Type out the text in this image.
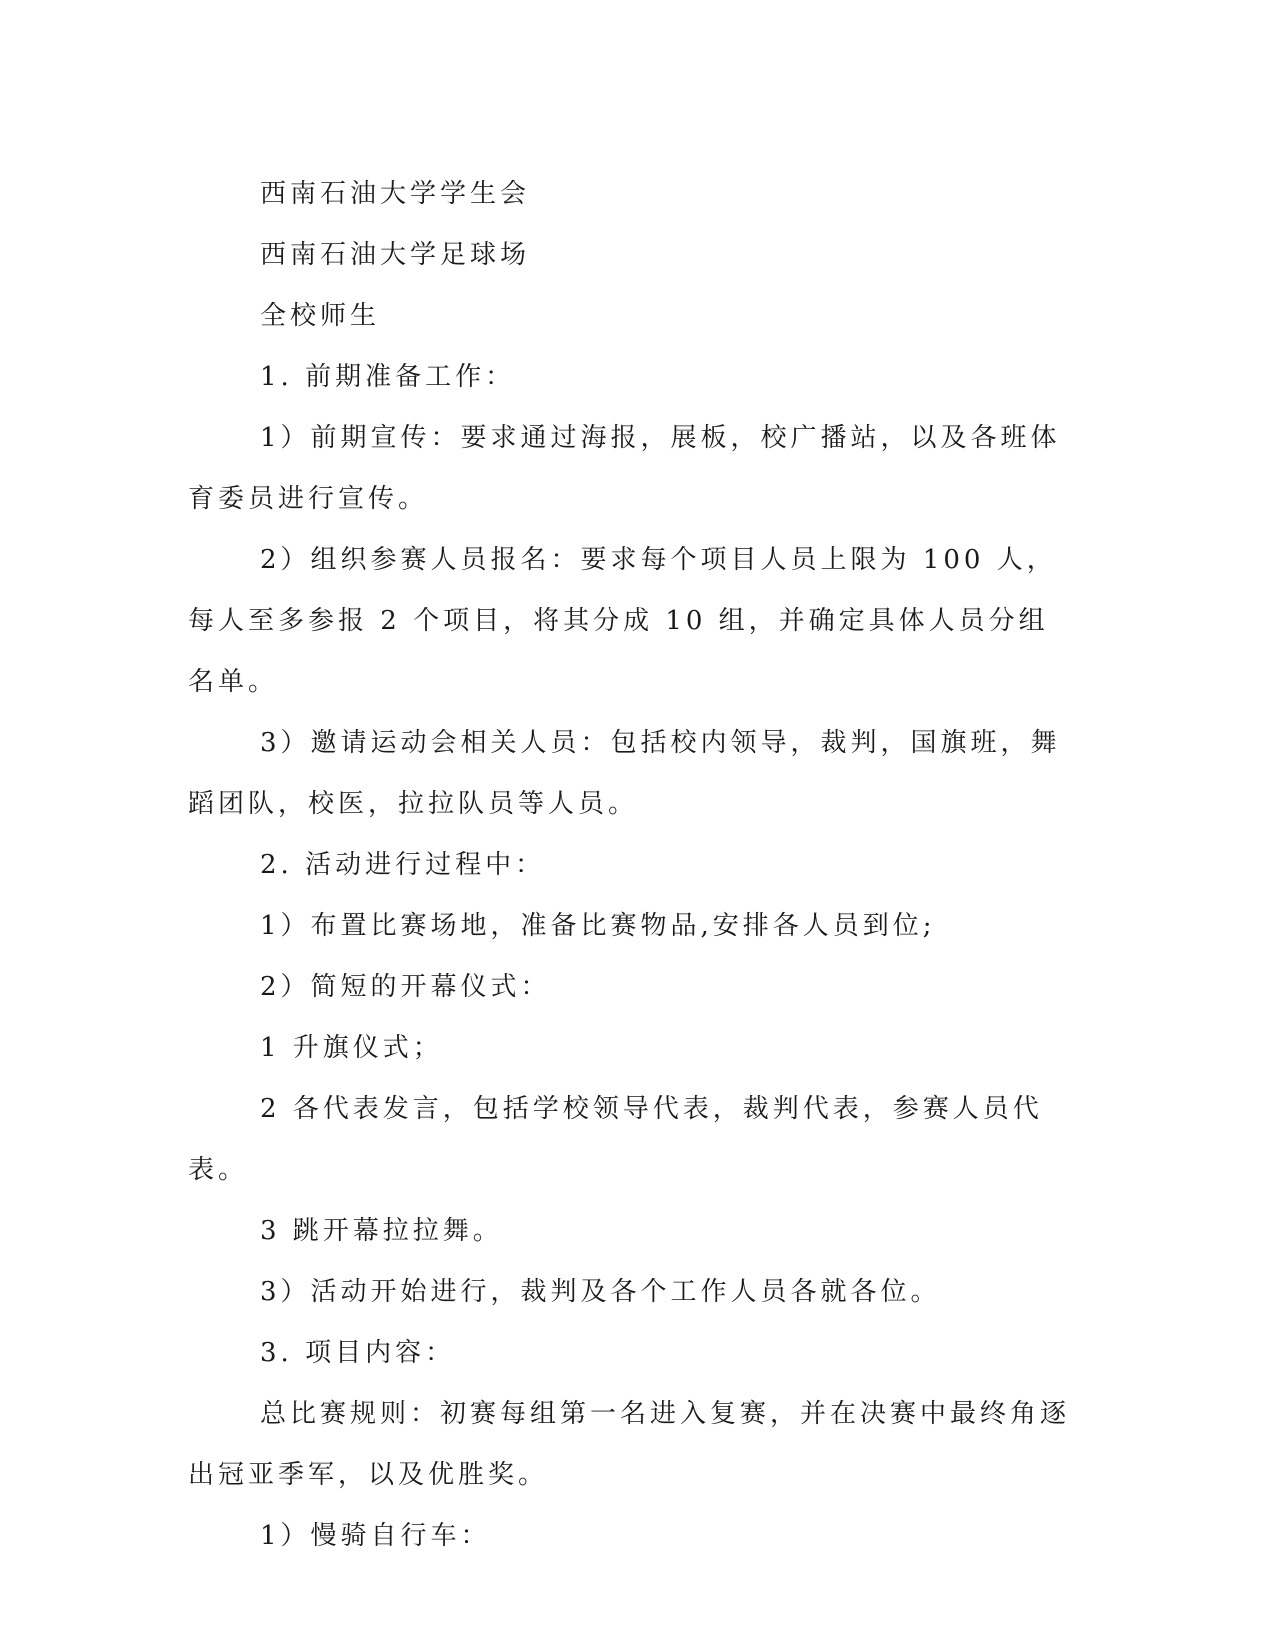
西南石油大学学生会

西南石油大学足球场

全校师生

1. 前期准备工作：

1）前期宣传：要求通过海报，展板，校广播站，以及各班体育委员进行宣传。

2）组织参赛人员报名：要求每个项目人员上限为 100 人，每人至多参报 2 个项目，将其分成 10 组，并确定具体人员分组名单。

3）邀请运动会相关人员：包括校内领导，裁判，国旗班，舞蹈团队，校医，拉拉队员等人员。

2. 活动进行过程中：

1）布置比赛场地，准备比赛物品,安排各人员到位;

2）简短的开幕仪式：

1 升旗仪式；

2 各代表发言，包括学校领导代表，裁判代表，参赛人员代表。

3 跳开幕拉拉舞。

3）活动开始进行，裁判及各个工作人员各就各位。

3. 项目内容：

总比赛规则：初赛每组第一名进入复赛，并在决赛中最终角逐出冠亚季军，以及优胜奖。

1）慢骑自行车：
